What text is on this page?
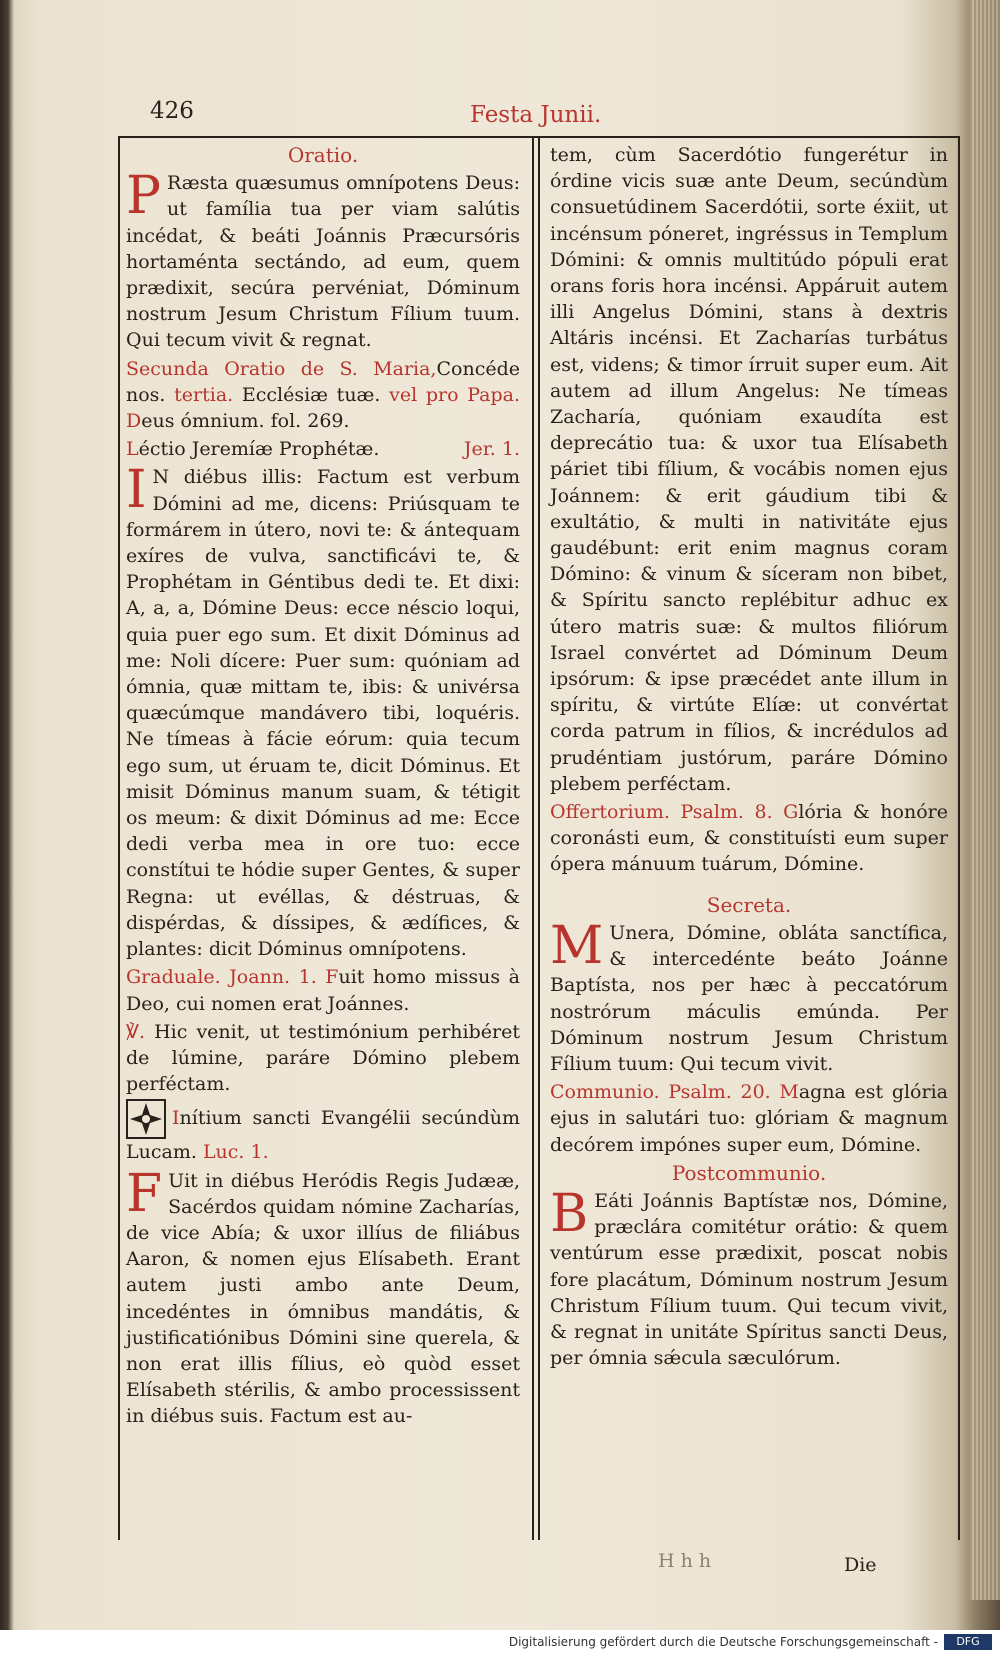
426	Festa Junii.

Oratio.

P Ræsta quæsumus omnípotens Deus: ut família tua per viam salútis incédat, & beáti Joánnis Præcursóris hortaménta sectándo, ad eum, quem prædixit, secúra pervéniat, Dóminum nostrum Jesum Christum Fílium tuum. Qui tecum vivit & regnat.

Secunda Oratio de S. Maria,Concéde nos. tertia. Ecclésiæ tuæ. vel pro Papa. Deus ómnium. fol. 269.

Léctio Jeremíæ Prophétæ.	Jer. 1.

I N diébus illis: Factum est verbum Dómini ad me, dicens: Priúsquam te formárem in útero, novi te: & ántequam exíres de vulva, sanctificávi te, & Prophétam in Géntibus dedi te. Et dixi: A, a, a, Dómine Deus: ecce néscio loqui, quia puer ego sum. Et dixit Dóminus ad me: Noli dícere: Puer sum: quóniam ad ómnia, quæ mittam te, ibis: & univérsa quæcúmque mandávero tibi, loquéris. Ne tímeas à fácie eórum: quia tecum ego sum, ut éruam te, dicit Dóminus. Et misit Dóminus manum suam, & tétigit os meum: & dixit Dóminus ad me: Ecce dedi verba mea in ore tuo: ecce constítui te hódie super Gentes, & super Regna: ut evéllas, & déstruas, & dispérdas, & díssipes, & ædífices, & plantes: dicit Dóminus omnípotens.

Graduale. Joann. 1. Fuit homo missus à Deo, cui nomen erat Joánnes.

℣. Hic venit, ut testimónium perhibéret de lúmine, paráre Dómino plebem perféctam.

Inítium sancti Evangélii secúndùm Lucam. Luc. 1.

F Uit in diébus Heródis Regis Judææ, Sacérdos quidam nómine Zacharías, de vice Abía; & uxor illíus de filiábus Aaron, & nomen ejus Elísabeth. Erant autem justi ambo ante Deum, incedéntes in ómnibus mandátis, & justificatiónibus Dómini sine querela, & non erat illis fílius, eò quòd esset Elísabeth stérilis, & ambo processissent in diébus suis. Factum est au-

tem, cùm Sacerdótio fungerétur in órdine vicis suæ ante Deum, secúndùm consuetúdinem Sacerdótii, sorte éxiit, ut incénsum póneret, ingréssus in Templum Dómini: & omnis multitúdo pópuli erat orans foris hora incénsi. Appáruit autem illi Angelus Dómini, stans à dextris Altáris incénsi. Et Zacharías turbátus est, videns; & timor írruit super eum. Ait autem ad illum Angelus: Ne tímeas Zacharía, quóniam exaudíta est deprecátio tua: & uxor tua Elísabeth páriet tibi fílium, & vocábis nomen ejus Joánnem: & erit gáudium tibi & exultátio, & multi in nativitáte ejus gaudébunt: erit enim magnus coram Dómino: & vinum & síceram non bibet, & Spíritu sancto replébitur adhuc ex útero matris suæ: & multos filiórum Israel convértet ad Dóminum Deum ipsórum: & ipse præcédet ante illum in spíritu, & virtúte Elíæ: ut convértat corda patrum in fílios, & incrédulos ad prudéntiam justórum, paráre Dómino plebem perféctam.

Offertorium. Psalm. 8. Glória & honóre coronásti eum, & constituísti eum super ópera mánuum tuárum, Dómine.

Secreta.

M Unera, Dómine, obláta sanctífica, & intercedénte beáto Joánne Baptísta, nos per hæc à peccatórum nostrórum máculis emúnda. Per Dóminum nostrum Jesum Christum Fílium tuum: Qui tecum vivit.

Communio. Psalm. 20. Magna est glória ejus in salutári tuo: glóriam & magnum decórem impónes super eum, Dómine.

Postcommunio.

B Eáti Joánnis Baptístæ nos, Dómine, præclára comitétur orátio: & quem ventúrum esse prædixit, poscat nobis fore placátum, Dóminum nostrum Jesum Christum Fílium tuum. Qui tecum vivit, & regnat in unitáte Spíritus sancti Deus, per ómnia sǽcula sæculórum.

H h h	Die
Digitalisierung gefördert durch die Deutsche Forschungsgemeinschaft -	DFG
